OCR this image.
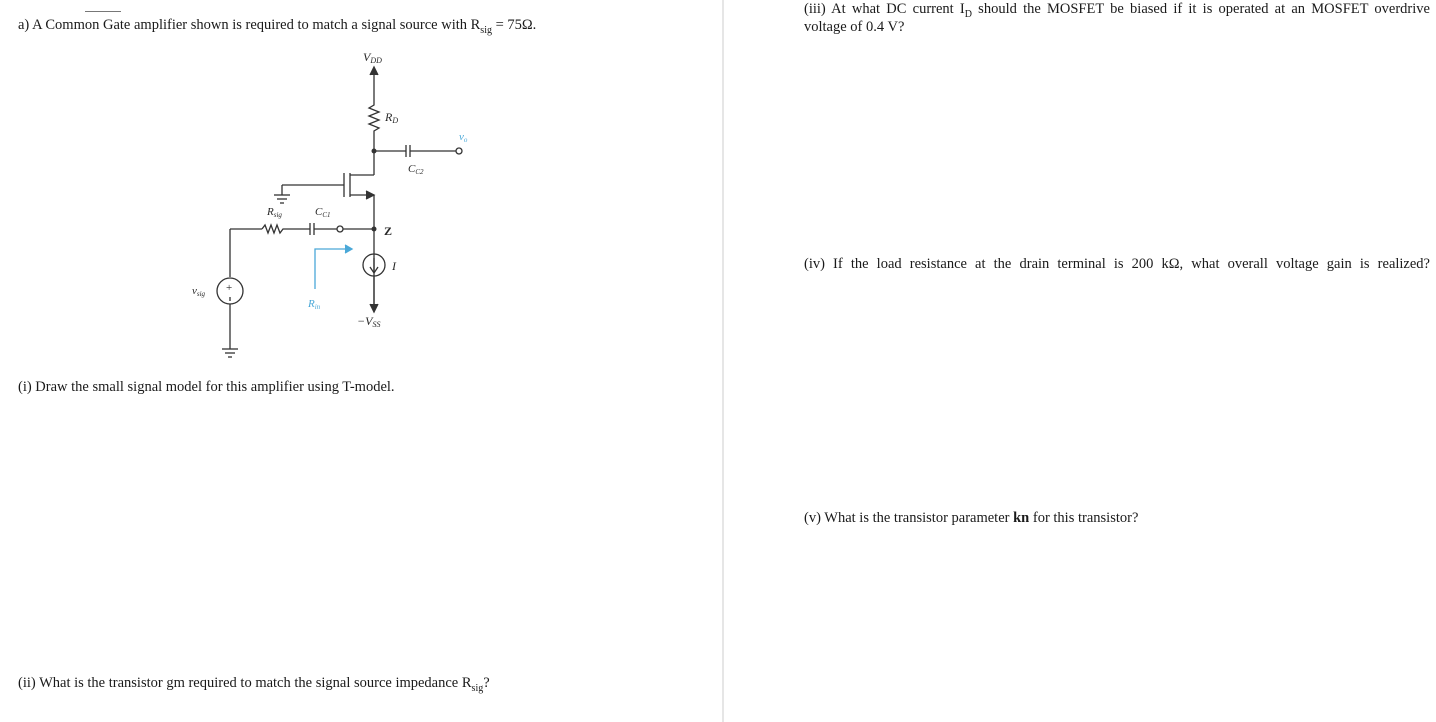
a) A Common Gate amplifier shown is required to match a signal source with $R_{sig} = 75\Omega$.

VDD
RD
CC2
vo
Rsig	CC1
Z
I
vsig +
Rin
−VSS

(i) Draw the small signal model for this amplifier using T-model.

(ii) What is the transistor gm required to match the signal source impedance $R_{sig}$?

(iii) At what DC current $I_D$ should the MOSFET be biased if it is operated at an MOSFET overdrive

voltage of 0.4 V?

(iv) If the load resistance at the drain terminal is 200 kΩ, what overall voltage gain is realized?

(v) What is the transistor parameter kn for this transistor?
